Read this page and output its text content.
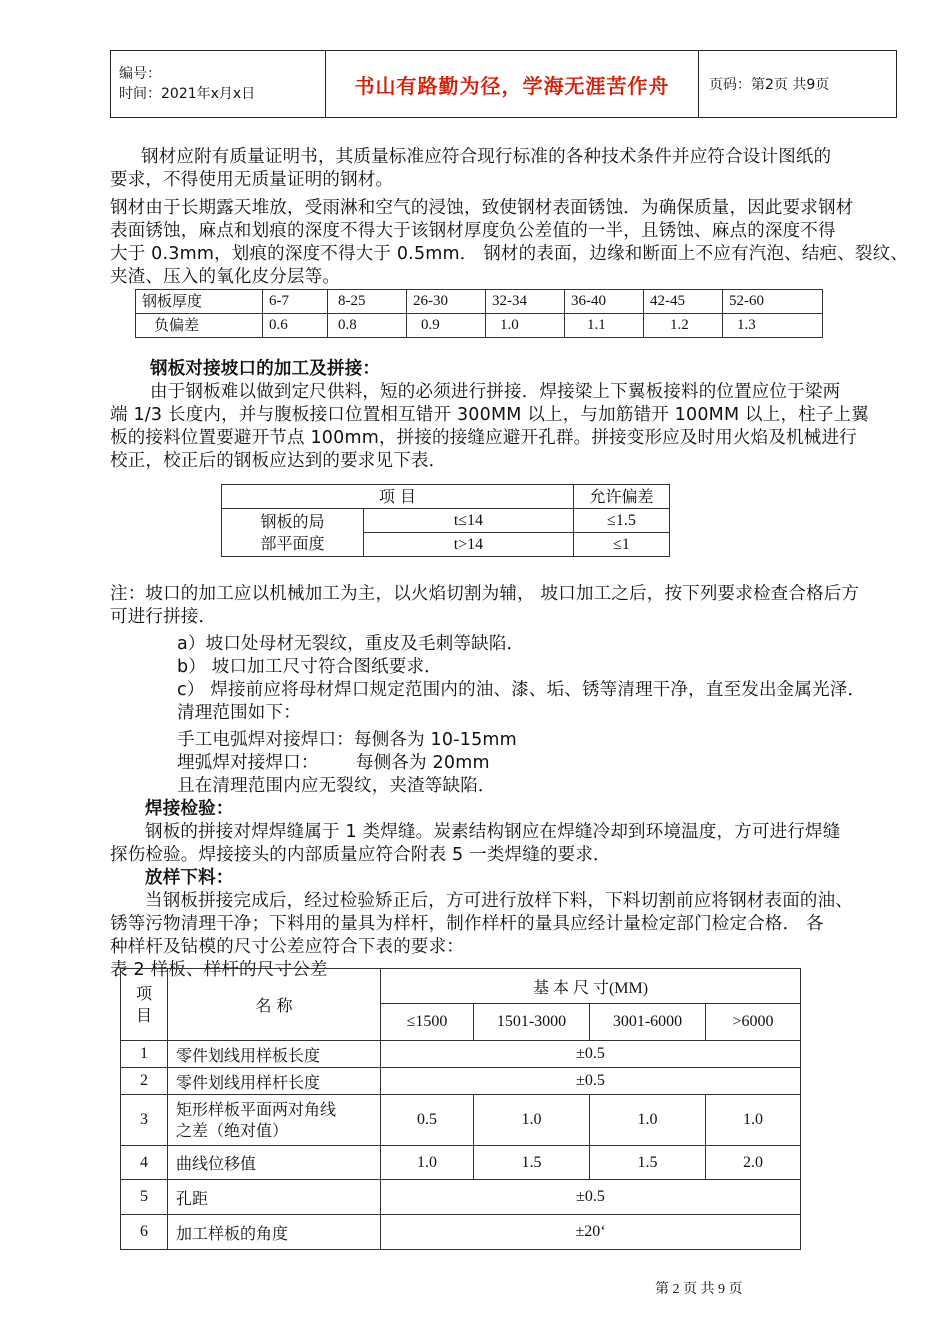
编号：
时间：2021年x月x日	书山有路勤为径，学海无涯苦作舟	页码：第2页 共9页
钢材应附有质量证明书，其质量标准应符合现行标准的各种技术条件并应符合设计图纸的
要求，不得使用无质量证明的钢材。
钢材由于长期露天堆放，受雨淋和空气的浸蚀，致使钢材表面锈蚀．为确保质量，因此要求钢材
表面锈蚀，麻点和划痕的深度不得大于该钢材厚度负公差值的一半，且锈蚀、麻点的深度不得
大于 0.3mm，划痕的深度不得大于 0.5mm． 钢材的表面，边缘和断面上不应有汽泡、结疤、裂纹、
夹渣、压入的氧化皮分层等。
钢板厚度	6-7	8-25	26-30	32-34	36-40	42-45	52-60
负偏差	0.6	0.8	0.9	1.0	1.1	1.2	1.3
钢板对接坡口的加工及拼接：
由于钢板难以做到定尺供料，短的必须进行拼接．焊接梁上下翼板接料的位置应位于梁两
端 1/3 长度内，并与腹板接口位置相互错开 300MM 以上，与加筋错开 100MM 以上，柱子上翼
板的接料位置要避开节点 100mm，拼接的接缝应避开孔群。拼接变形应及时用火焰及机械进行
校正，校正后的钢板应达到的要求见下表．
项 目		允许偏差

钢板的局
部平面度	t≤14	≤1.5
	t>14	≤1
注：坡口的加工应以机械加工为主，以火焰切割为辅， 坡口加工之后，按下列要求检查合格后方
可进行拼接．
a）坡口处母材无裂纹，重皮及毛刺等缺陷．
b） 坡口加工尺寸符合图纸要求．
c） 焊接前应将母材焊口规定范围内的油、漆、垢、锈等清理干净，直至发出金属光泽．
清理范围如下：
手工电弧焊对接焊口：每侧各为 10-15mm
埋弧焊对接焊口： 每侧各为 20mm
且在清理范围内应无裂纹，夹渣等缺陷．
焊接检验：
钢板的拼接对焊焊缝属于 1 类焊缝。炭素结构钢应在焊缝冷却到环境温度，方可进行焊缝
探伤检验。焊接接头的内部质量应符合附表 5 一类焊缝的要求．
放样下料：
当钢板拼接完成后，经过检验矫正后，方可进行放样下料，下料切割前应将钢材表面的油、
锈等污物清理干净；下料用的量具为样杆，制作样杆的量具应经计量检定部门检定合格． 各
种样杆及钻模的尺寸公差应符合下表的要求：
表 2 样板、样杆的尺寸公差
项
目	名 称	基 本 尺 寸(MM)			
		≤1500	1501-3000	3001-6000	>6000
1	零件划线用样板长度	±0.5			
2	零件划线用样杆长度	±0.5			
3	矩形样板平面两对角线
之差（绝对值）	0.5	1.0	1.0	1.0
4	曲线位移值	1.0	1.5	1.5	2.0
5	孔距	±0.5			
6	加工样板的角度	±20‘			
第 2 页 共 9 页
